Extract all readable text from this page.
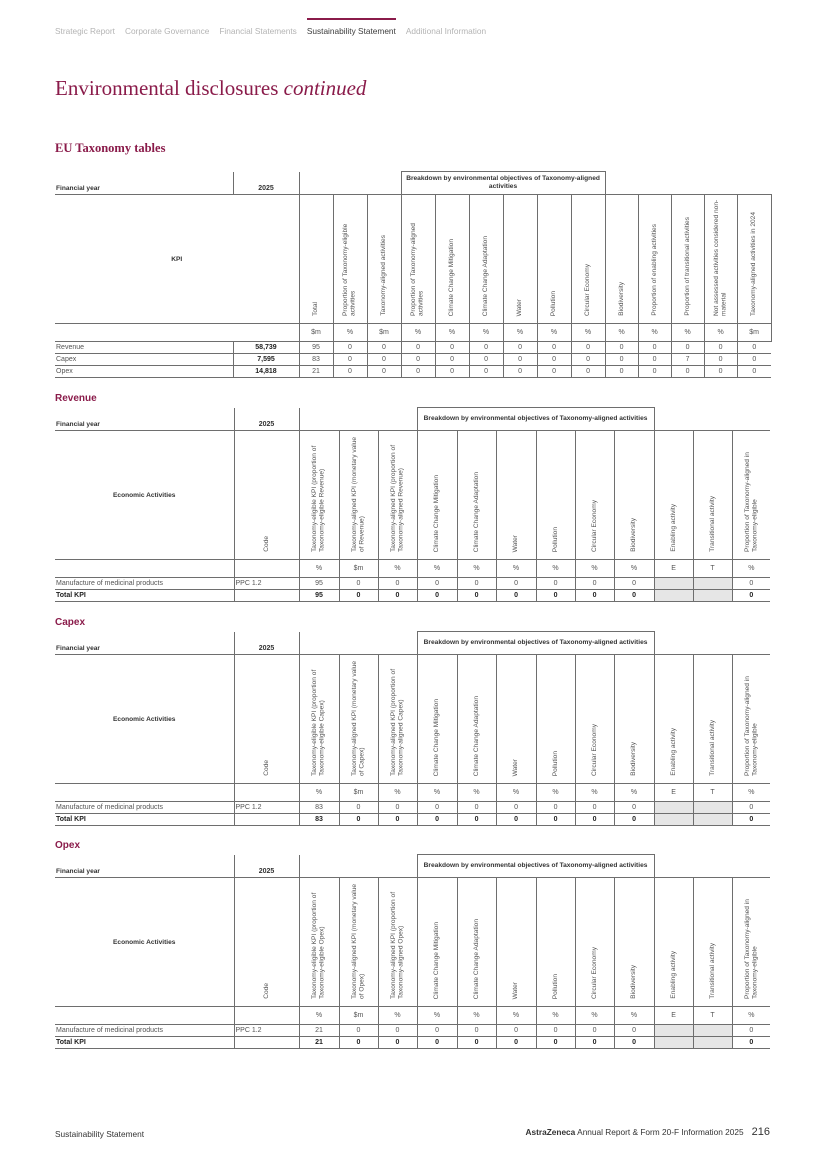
Strategic Report Corporate Governance Financial Statements Sustainability Statement Additional Information
Environmental disclosures continued
EU Taxonomy tables
Financial year	2025				Breakdown by environmental objectives of Taxonomy-aligned activities											
KPI		Total	Proportion of Taxonomy-eligible activities	Taxonomy-aligned activities	Proportion of Taxonomy-aligned activities	Climate Change Mitigation	Climate Change Adaptation	Water	Pollution	Circular Economy	Biodiversity	Proportion of enabling activities	Proportion of transitional activities	Not assessed activities considered non-material	Taxonomy-aligned activities in 2024	
		$m	%	$m	%	%	%	%	%	%	%	%	%	%	$m	
Revenue	58,739	95	0	0	0	0	0	0	0	0	0	0	0	0	0	
Capex	7,595	83	0	0	0	0	0	0	0	0	0	0	7	0	0	
Opex	14,818	21	0	0	0	0	0	0	0	0	0	0	0	0	0	
Revenue
Financial year	2025				Breakdown by environmental objectives of Taxonomy-aligned activities								
Economic Activities	Code	Taxonomy-eligible KPI (proportion of Taxonomy-eligible Revenue)	Taxonomy-aligned KPI (monetary value of Revenue)	Taxonomy-aligned KPI (proportion of Taxonomy-aligned Revenue)	Climate Change Mitigation	Climate Change Adaptation	Water	Pollution	Circular Economy	Biodiversity	Enabling activity	Transitional activity	Proportion of Taxonomy-aligned in Taxonomy-eligible
		%	$m	%	%	%	%	%	%	%	E	T	%
Manufacture of medicinal products	PPC 1.2	95	0	0	0	0	0	0	0	0			0
Total KPI		95	0	0	0	0	0	0	0	0			0
Capex
Financial year	2025				Breakdown by environmental objectives of Taxonomy-aligned activities								
Economic Activities	Code	Taxonomy-eligible KPI (proportion of Taxonomy-eligible Capex)	Taxonomy-aligned KPI (monetary value of Capex)	Taxonomy-aligned KPI (proportion of Taxonomy-aligned Capex)	Climate Change Mitigation	Climate Change Adaptation	Water	Pollution	Circular Economy	Biodiversity	Enabling activity	Transitional activity	Proportion of Taxonomy-aligned in Taxonomy-eligible
		%	$m	%	%	%	%	%	%	%	E	T	%
Manufacture of medicinal products	PPC 1.2	83	0	0	0	0	0	0	0	0			0
Total KPI		83	0	0	0	0	0	0	0	0			0
Opex
Financial year	2025				Breakdown by environmental objectives of Taxonomy-aligned activities								
Economic Activities	Code	Taxonomy-eligible KPI (proportion of Taxonomy-eligible Opex)	Taxonomy-aligned KPI (monetary value of Opex)	Taxonomy-aligned KPI (proportion of Taxonomy-aligned Opex)	Climate Change Mitigation	Climate Change Adaptation	Water	Pollution	Circular Economy	Biodiversity	Enabling activity	Transitional activity	Proportion of Taxonomy-aligned in Taxonomy-eligible
		%	$m	%	%	%	%	%	%	%	E	T	%
Manufacture of medicinal products	PPC 1.2	21	0	0	0	0	0	0	0	0			0
Total KPI		21	0	0	0	0	0	0	0	0			0
Sustainability Statement	AstraZeneca Annual Report & Form 20-F Information 2025 216
